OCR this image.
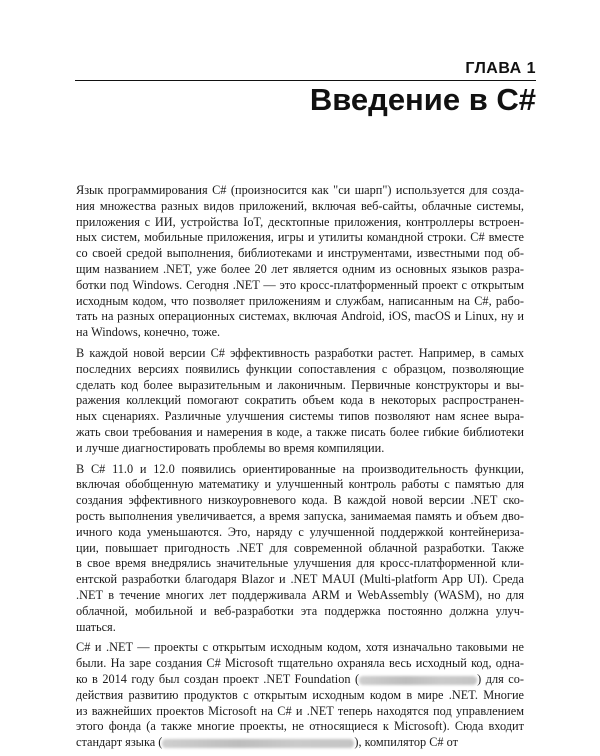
ГЛАВА 1
Введение в C#
Язык программирования C# (произносится как "си шарп") используется для созда-
ния множества разных видов приложений, включая веб-сайты, облачные системы,
приложения с ИИ, устройства IoT, десктопные приложения, контроллеры встроен-
ных систем, мобильные приложения, игры и утилиты командной строки. C# вместе
со своей средой выполнения, библиотеками и инструментами, известными под об-
щим названием .NET, уже более 20 лет является одним из основных языков разра-
ботки под Windows. Сегодня .NET — это кросс-платформенный проект с открытым
исходным кодом, что позволяет приложениям и службам, написанным на C#, рабо-
тать на разных операционных системах, включая Android, iOS, macOS и Linux, ну и
на Windows, конечно, тоже.
В каждой новой версии C# эффективность разработки растет. Например, в самых
последних версиях появились функции сопоставления с образцом, позволяющие
сделать код более выразительным и лаконичным. Первичные конструкторы и вы-
ражения коллекций помогают сократить объем кода в некоторых распространен-
ных сценариях. Различные улучшения системы типов позволяют нам яснее выра-
жать свои требования и намерения в коде, а также писать более гибкие библиотеки
и лучше диагностировать проблемы во время компиляции.
В C# 11.0 и 12.0 появились ориентированные на производительность функции,
включая обобщенную математику и улучшенный контроль работы с памятью для
создания эффективного низкоуровневого кода. В каждой новой версии .NET ско-
рость выполнения увеличивается, а время запуска, занимаемая память и объем дво-
ичного кода уменьшаются. Это, наряду с улучшенной поддержкой контейнериза-
ции, повышает пригодность .NET для современной облачной разработки. Также
в свое время внедрялись значительные улучшения для кросс-платформенной кли-
ентской разработки благодаря Blazor и .NET MAUI (Multi-platform App UI). Среда
.NET в течение многих лет поддерживала ARM и WebAssembly (WASM), но для
облачной, мобильной и веб-разработки эта поддержка постоянно должна улуч-
шаться.
C# и .NET — проекты с открытым исходным кодом, хотя изначально таковыми не
были. На заре создания C# Microsoft тщательно охраняла весь исходный код, одна-
ко в 2014 году был создан проект .NET Foundation (	) для со-
действия развитию продуктов с открытым исходным кодом в мире .NET. Многие
из важнейших проектов Microsoft на C# и .NET теперь находятся под управлением
этого фонда (а также многие проекты, не относящиеся к Microsoft). Сюда входит
стандарт языка (	), компилятор C# от
